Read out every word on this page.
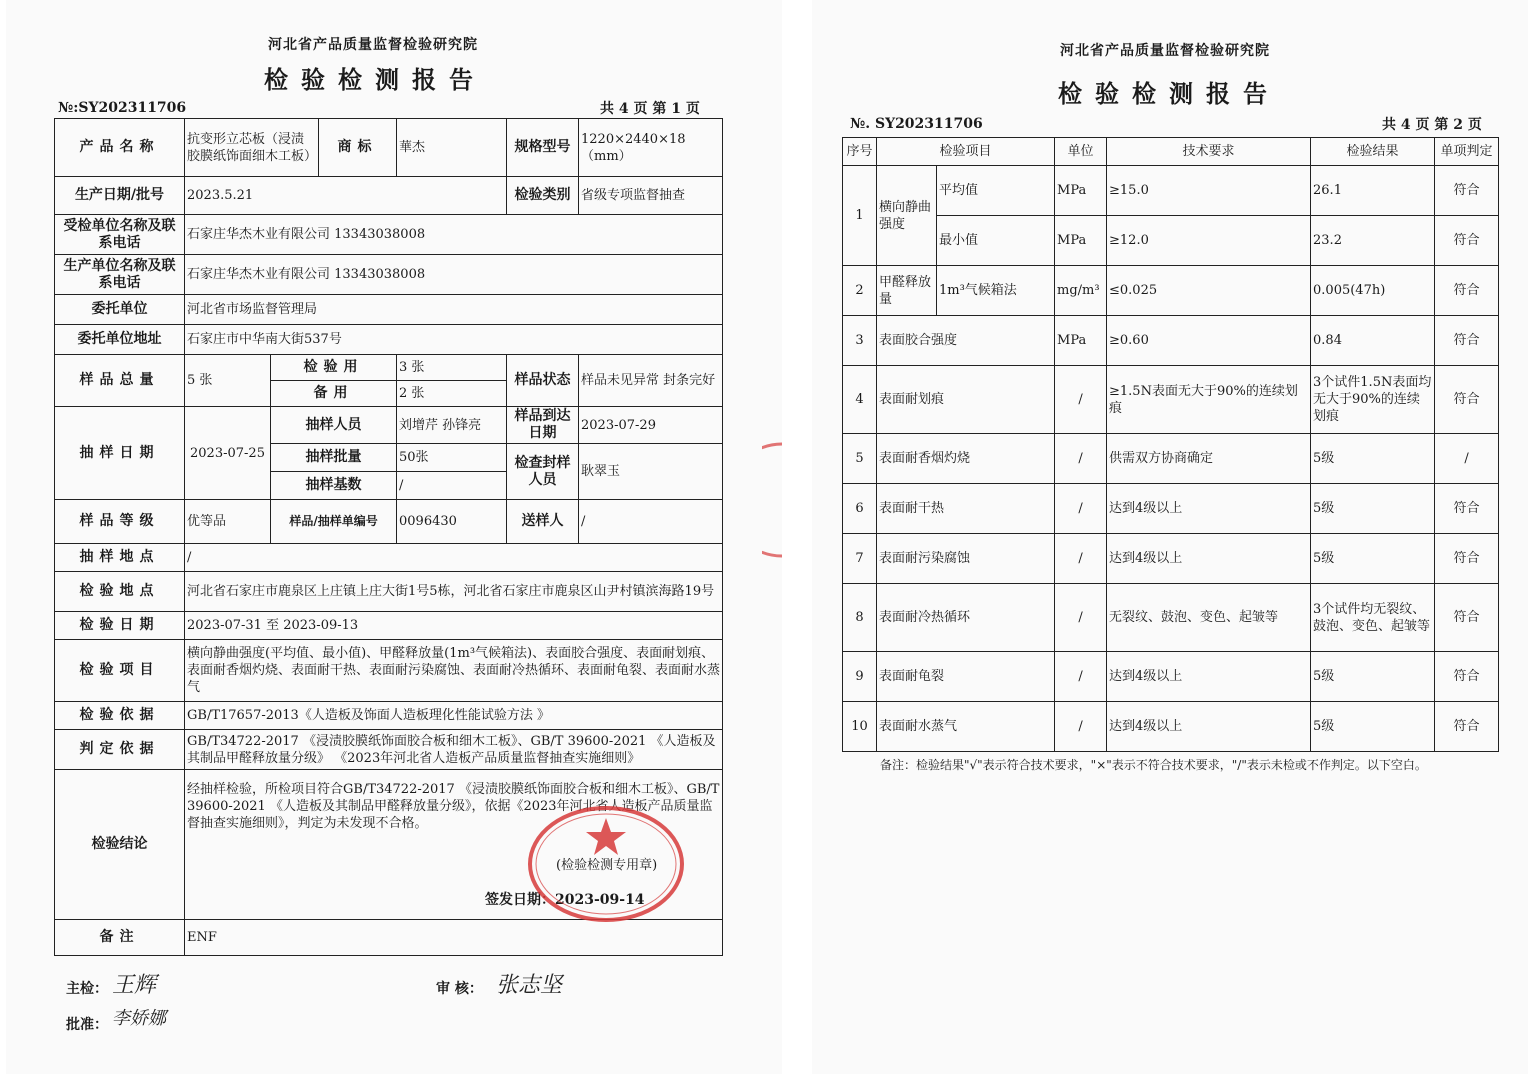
河北省产品质量监督检验研究院
检验检测报告
№:SY202311706	共 4 页 第 1 页
产品名称	抗变形立芯板（浸渍胶膜纸饰面细木工板）		商标	華杰	规格型号	1220×2440×18（mm）
生产日期/批号	2023.5.21				检验类别	省级专项监督抽查
受检单位名称及联系电话	石家庄华杰木业有限公司 13343038008					
生产单位名称及联系电话	石家庄华杰木业有限公司 13343038008					
委托单位	河北省市场监督管理局					
委托单位地址	石家庄市中华南大街537号					
样品总量	5 张	检验用		3 张	样品状态	样品未见异常 封条完好
		备用		2 张		
抽样日期	2023-07-25	抽样人员		刘增芹 孙锋亮	样品到达日期	2023-07-29
		抽样批量		50张	检查封样人员	耿翠玉
		抽样基数		/		
样品等级	优等品	样品/抽样单编号		0096430	送样人	/
抽样地点	/					
检验地点	河北省石家庄市鹿泉区上庄镇上庄大街1号5栋，河北省石家庄市鹿泉区山尹村镇滨海路19号					
检验日期	2023-07-31 至 2023-09-13					
检验项目	横向静曲强度(平均值、最小值)、甲醛释放量(1m³气候箱法)、表面胶合强度、表面耐划痕、表面耐香烟灼烧、表面耐干热、表面耐污染腐蚀、表面耐冷热循环、表面耐龟裂、表面耐水蒸气					
检验依据	GB/T17657-2013《人造板及饰面人造板理化性能试验方法 》					
判定依据	GB/T34722-2017 《浸渍胶膜纸饰面胶合板和细木工板》、GB/T 39600-2021 《人造板及其制品甲醛释放量分级》 《2023年河北省人造板产品质量监督抽查实施细则》					
检验结论	经抽样检验，所检项目符合GB/T34722-2017 《浸渍胶膜纸饰面胶合板和细木工板》、GB/T 39600-2021 《人造板及其制品甲醛释放量分级》，依据《2023年河北省人造板产品质量监督抽查实施细则》，判定为未发现不合格。
签发日期：2023-09-14					

备注	ENF					
(检验检测专用章)
主检： 王辉	审 核： 张志坚
批准： 李娇娜
河北省产品质量监督检验研究院
检验检测报告
№. SY202311706	共 4 页 第 2 页
序号	检验项目		单位	技术要求	检验结果	单项判定
1	横向静曲强度	平均值	MPa	≥15.0	26.1	符合
		最小值	MPa	≥12.0	23.2	符合
2	甲醛释放量	1m³气候箱法	mg/m³	≤0.025	0.005(47h)	符合
3	表面胶合强度		MPa	≥0.60	0.84	符合
4	表面耐划痕		/	≥1.5N表面无大于90%的连续划痕	3个试件1.5N表面均无大于90%的连续划痕	符合
5	表面耐香烟灼烧		/	供需双方协商确定	5级	/
6	表面耐干热		/	达到4级以上	5级	符合
7	表面耐污染腐蚀		/	达到4级以上	5级	符合
8	表面耐冷热循环		/	无裂纹、鼓泡、变色、起皱等	3个试件均无裂纹、鼓泡、变色、起皱等	符合
9	表面耐龟裂		/	达到4级以上	5级	符合
10	表面耐水蒸气		/	达到4级以上	5级	符合
备注：检验结果"√"表示符合技术要求，"×"表示不符合技术要求，"/"表示未检或不作判定。以下空白。
